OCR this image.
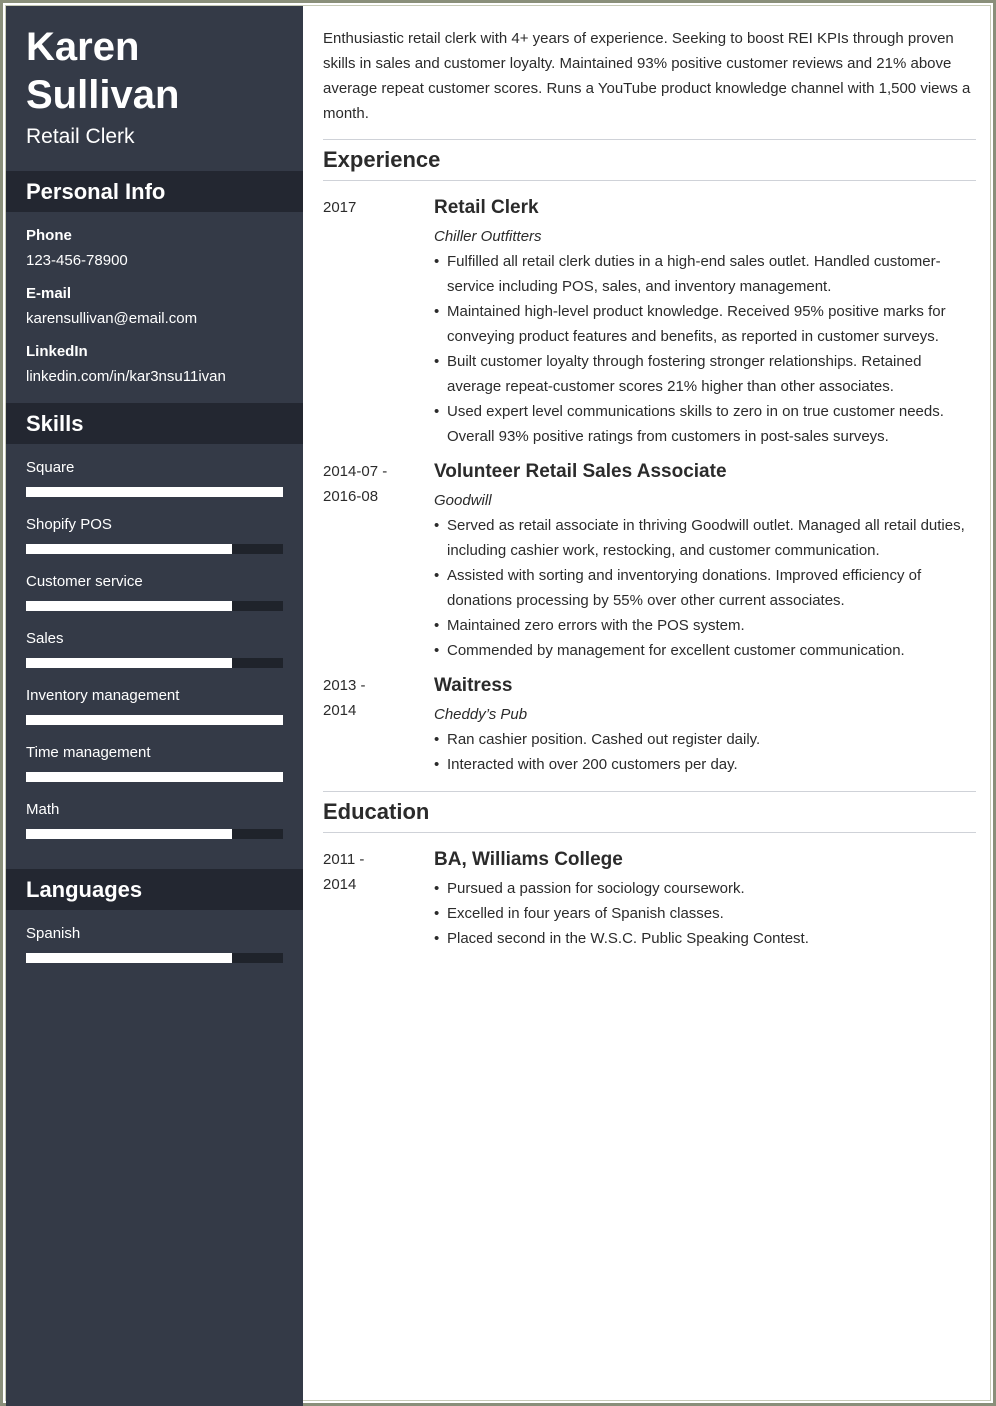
Karen
Sullivan
Retail Clerk
Personal Info
Phone
123-456-78900
E-mail
karensullivan@email.com
LinkedIn
linkedin.com/in/kar3nsu11ivan
Skills
Square
Shopify POS
Customer service
Sales
Inventory management
Time management
Math
Languages
Spanish

Enthusiastic retail clerk with 4+ years of experience. Seeking to boost REI KPIs through proven skills in sales and customer loyalty. Maintained 93% positive customer reviews and 21% above average repeat customer scores. Runs a YouTube product knowledge channel with 1,500 views a month.

Experience
2017	Retail Clerk
Chiller Outfitters
• Fulfilled all retail clerk duties in a high-end sales outlet. Handled customer-service including POS, sales, and inventory management.
• Maintained high-level product knowledge. Received 95% positive marks for conveying product features and benefits, as reported in customer surveys.
• Built customer loyalty through fostering stronger relationships. Retained average repeat-customer scores 21% higher than other associates.
• Used expert level communications skills to zero in on true customer needs. Overall 93% positive ratings from customers in post-sales surveys.
2014-07 -
2016-08
Volunteer Retail Sales Associate
Goodwill
• Served as retail associate in thriving Goodwill outlet. Managed all retail duties, including cashier work, restocking, and customer communication.
• Assisted with sorting and inventorying donations. Improved efficiency of donations processing by 55% over other current associates.
• Maintained zero errors with the POS system.
• Commended by management for excellent customer communication.
2013 -
2014
Waitress
Cheddy’s Pub
• Ran cashier position. Cashed out register daily.
• Interacted with over 200 customers per day.
Education
2011 -
2014
BA, Williams College
• Pursued a passion for sociology coursework.
• Excelled in four years of Spanish classes.
• Placed second in the W.S.C. Public Speaking Contest.
